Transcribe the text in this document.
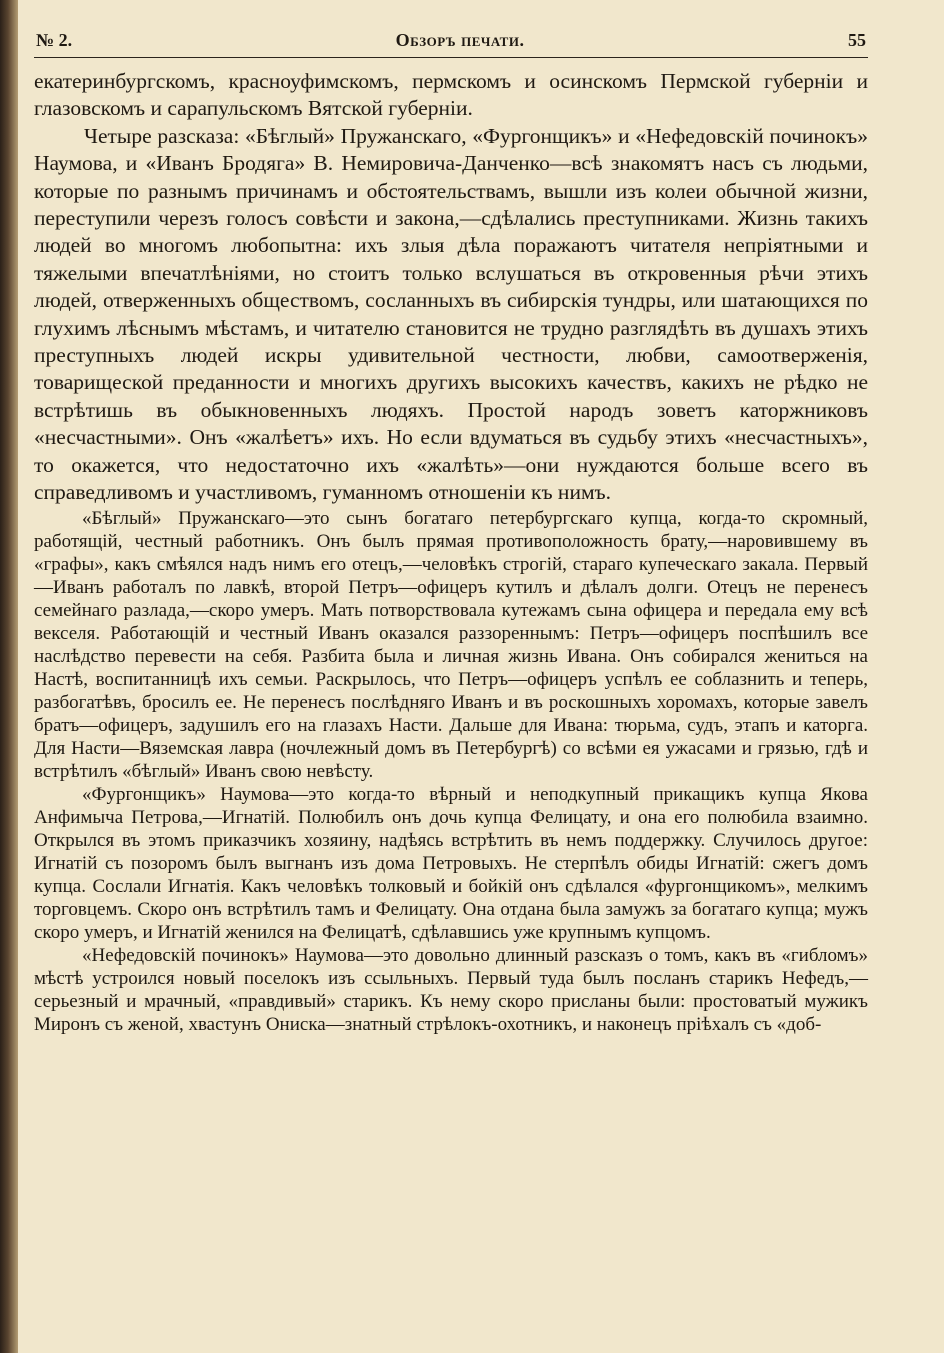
№ 2.	Обзоръ печати.	55

екатеринбургскомъ, красноуфимскомъ, пермскомъ и осинскомъ Пермской губерніи и глазовскомъ и сарапульскомъ Вятской губерніи.

Четыре разсказа: «Бѣглый» Пружанскаго, «Фургонщикъ» и «Нефедовскій починокъ» Наумова, и «Иванъ Бродяга» В. Немировича-Данченко—всѣ знакомятъ насъ съ людьми, которые по разнымъ причинамъ и обстоятельствамъ, вышли изъ колеи обычной жизни, переступили черезъ голосъ совѣсти и закона,—сдѣлались преступниками. Жизнь такихъ людей во многомъ любопытна: ихъ злыя дѣла поражаютъ читателя непріятными и тяжелыми впечатлѣніями, но стоитъ только вслушаться въ откровенныя рѣчи этихъ людей, отверженныхъ обществомъ, сосланныхъ въ сибирскія тундры, или шатающихся по глухимъ лѣснымъ мѣстамъ, и читателю становится не трудно разглядѣть въ душахъ этихъ преступныхъ людей искры удивительной честности, любви, самоотверженія, товарищеской преданности и многихъ другихъ высокихъ качествъ, какихъ не рѣдко не встрѣтишь въ обыкновенныхъ людяхъ. Простой народъ зоветъ каторжниковъ «несчастными». Онъ «жалѣетъ» ихъ. Но если вдуматься въ судьбу этихъ «несчастныхъ», то окажется, что недостаточно ихъ «жалѣть»—они нуждаются больше всего въ справедливомъ и участливомъ, гуманномъ отношеніи къ нимъ.

«Бѣглый» Пружанскаго—это сынъ богатаго петербургскаго купца, когда-то скромный, работящій, честный работникъ. Онъ былъ прямая противоположность брату,—наровившему въ «графы», какъ смѣялся надъ нимъ его отецъ,—человѣкъ строгій, стараго купеческаго закала. Первый—Иванъ работалъ по лавкѣ, второй Петръ—офицеръ кутилъ и дѣлалъ долги. Отецъ не перенесъ семейнаго разлада,—скоро умеръ. Мать потворствовала кутежамъ сына офицера и передала ему всѣ векселя. Работающій и честный Иванъ оказался раззореннымъ: Петръ—офицеръ поспѣшилъ все наслѣдство перевести на себя. Разбита была и личная жизнь Ивана. Онъ собирался жениться на Настѣ, воспитанницѣ ихъ семьи. Раскрылось, что Петръ—офицеръ успѣлъ ее соблазнить и теперь, разбогатѣвъ, бросилъ ее. Не перенесъ послѣдняго Иванъ и въ роскошныхъ хоромахъ, которые завелъ братъ—офицеръ, задушилъ его на глазахъ Насти. Дальше для Ивана: тюрьма, судъ, этапъ и каторга. Для Насти—Вяземская лавра (ночлежный домъ въ Петербургѣ) со всѣми ея ужасами и грязью, гдѣ и встрѣтилъ «бѣглый» Иванъ свою невѣсту.

«Фургонщикъ» Наумова—это когда-то вѣрный и неподкупный прикащикъ купца Якова Анфимыча Петрова,—Игнатій. Полюбилъ онъ дочь купца Фелицату, и она его полюбила взаимно. Открылся въ этомъ приказчикъ хозяину, надѣясь встрѣтить въ немъ поддержку. Случилось другое: Игнатій съ позоромъ былъ выгнанъ изъ дома Петровыхъ. Не стерпѣлъ обиды Игнатій: сжегъ домъ купца. Сослали Игнатія. Какъ человѣкъ толковый и бойкій онъ сдѣлался «фургонщикомъ», мелкимъ торговцемъ. Скоро онъ встрѣтилъ тамъ и Фелицату. Она отдана была замужъ за богатаго купца; мужъ скоро умеръ, и Игнатій женился на Фелицатѣ, сдѣлавшись уже крупнымъ купцомъ.

«Нефедовскій починокъ» Наумова—это довольно длинный разсказъ о томъ, какъ въ «гибломъ» мѣстѣ устроился новый поселокъ изъ ссыльныхъ. Первый туда былъ посланъ старикъ Нефедъ,—серьезный и мрачный, «правдивый» старикъ. Къ нему скоро присланы были: простоватый мужикъ Миронъ съ женой, хвастунъ Ониска—знатный стрѣлокъ-охотникъ, и наконецъ пріѣхалъ съ «доб-
